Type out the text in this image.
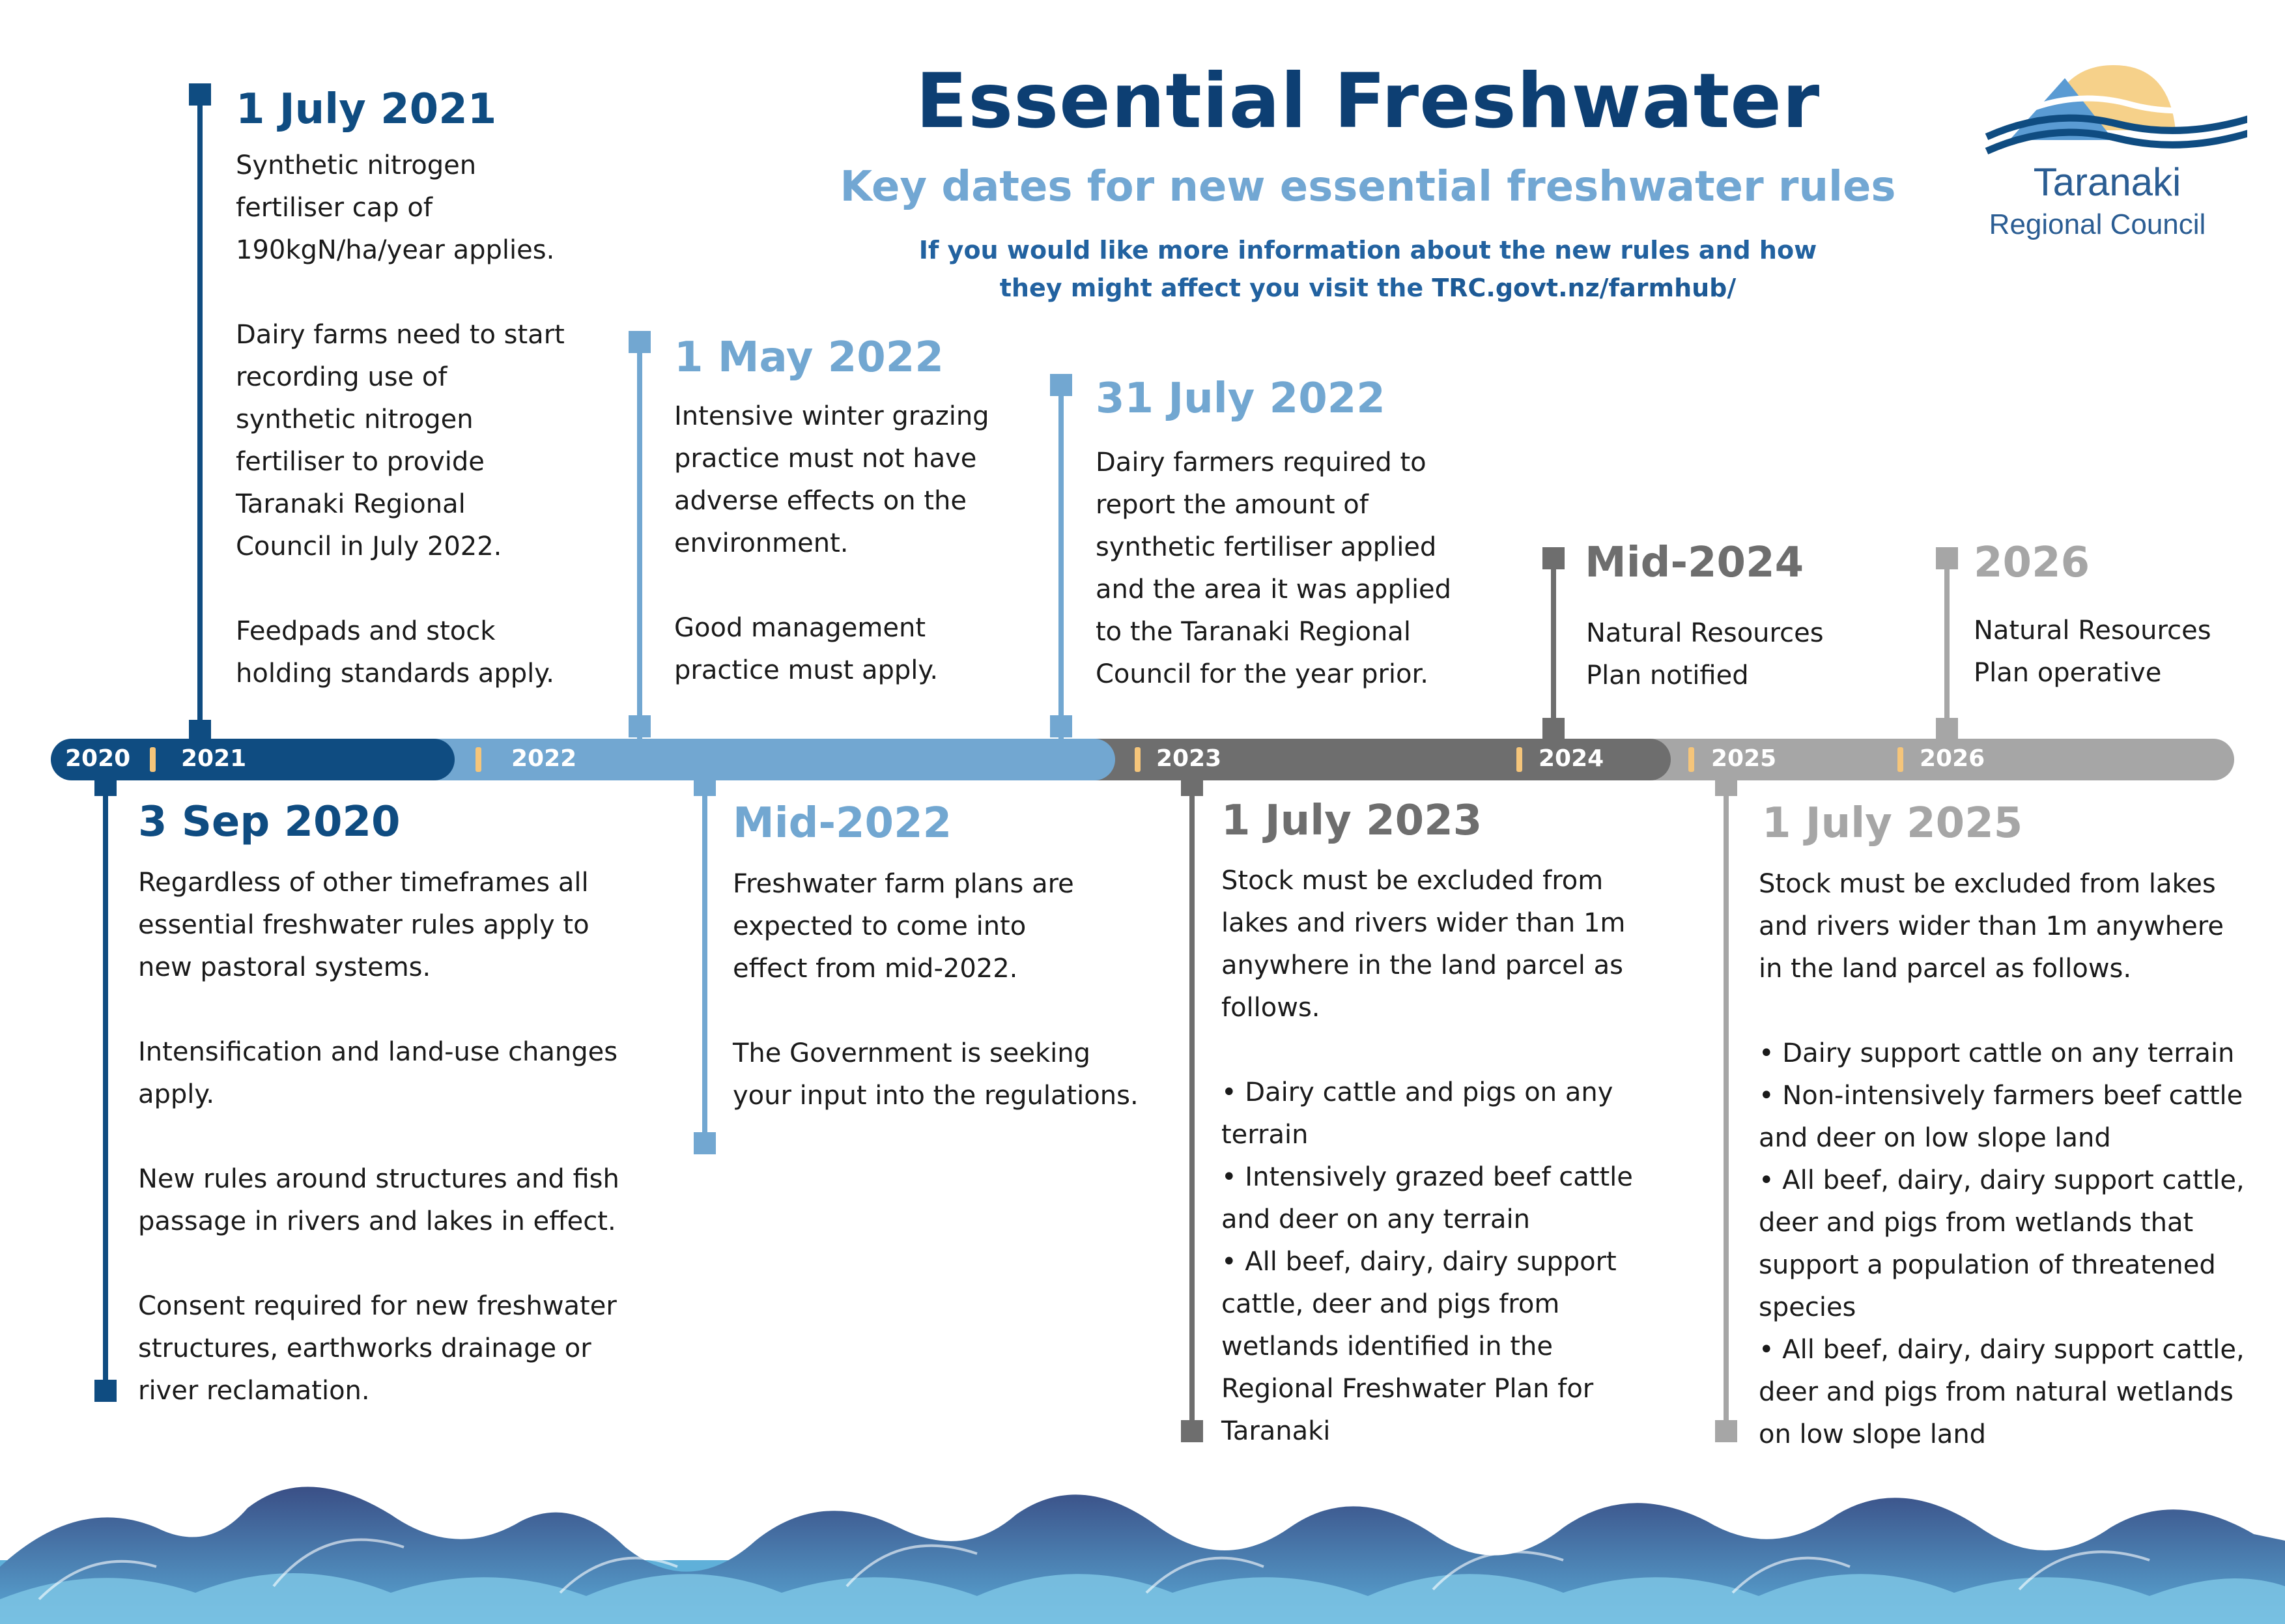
Essential Freshwater
Key dates for new essential freshwater rules
If you would like more information about the new rules and how
they might affect you visit the TRC.govt.nz/farmhub/
Taranaki
Regional Council
2020 2021	2022	2023	2024	2025	2026
1 July 2021
Synthetic nitrogen
fertiliser cap of
190kgN/ha/year applies.

Dairy farms need to start
recording use of
synthetic nitrogen
fertiliser to provide
Taranaki Regional
Council in July 2022.

Feedpads and stock
holding standards apply.
1 May 2022
Intensive winter grazing
practice must not have
adverse effects on the
environment.

Good management
practice must apply.
31 July 2022
Dairy farmers required to
report the amount of
synthetic fertiliser applied
and the area it was applied
to the Taranaki Regional
Council for the year prior.
Mid-2024
Natural Resources
Plan notified
2026
Natural Resources
Plan operative
3 Sep 2020
Regardless of other timeframes all
essential freshwater rules apply to
new pastoral systems.

Intensification and land-use changes
apply.

New rules around structures and fish
passage in rivers and lakes in effect.

Consent required for new freshwater
structures, earthworks drainage or
river reclamation.
Mid-2022
Freshwater farm plans are
expected to come into
effect from mid-2022.

The Government is seeking
your input into the regulations.
1 July 2023
Stock must be excluded from
lakes and rivers wider than 1m
anywhere in the land parcel as
follows.

• Dairy cattle and pigs on any
terrain
• Intensively grazed beef cattle
and deer on any terrain
• All beef, dairy, dairy support
cattle, deer and pigs from
wetlands identified in the
Regional Freshwater Plan for
Taranaki
1 July 2025
Stock must be excluded from lakes
and rivers wider than 1m anywhere
in the land parcel as follows.

• Dairy support cattle on any terrain
• Non-intensively farmers beef cattle
and deer on low slope land
• All beef, dairy, dairy support cattle,
deer and pigs from wetlands that
support a population of threatened
species
• All beef, dairy, dairy support cattle,
deer and pigs from natural wetlands
on low slope land
